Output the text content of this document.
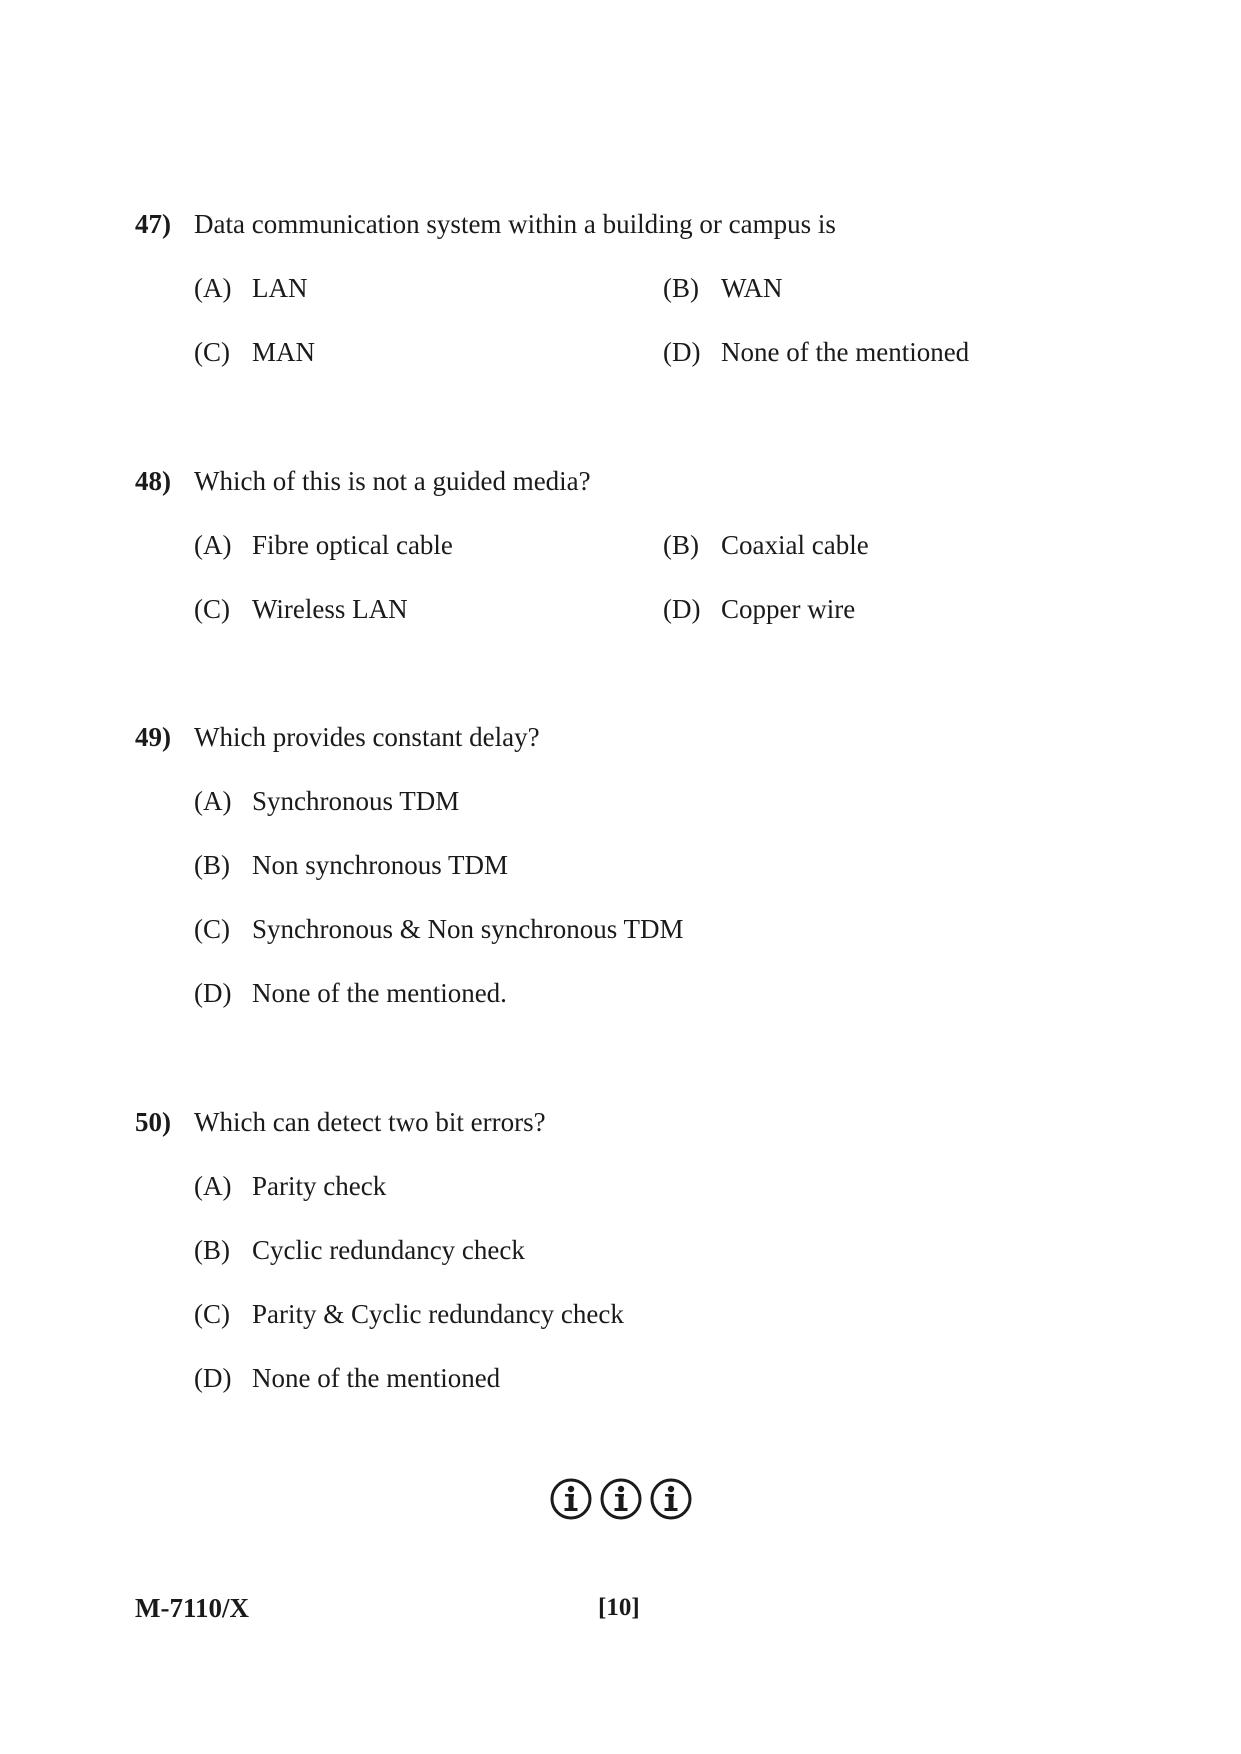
47) Data communication system within a building or campus is
(A) LAN	(B) WAN
(C) MAN	(D) None of the mentioned
48) Which of this is not a guided media?
(A) Fibre optical cable	(B) Coaxial cable
(C) Wireless LAN	(D) Copper wire
49) Which provides constant delay?
(A) Synchronous TDM
(B) Non synchronous TDM
(C) Synchronous & Non synchronous TDM
(D) None of the mentioned.
50) Which can detect two bit errors?
(A) Parity check
(B) Cyclic redundancy check
(C) Parity & Cyclic redundancy check
(D) None of the mentioned
M-7110/X	[10]
